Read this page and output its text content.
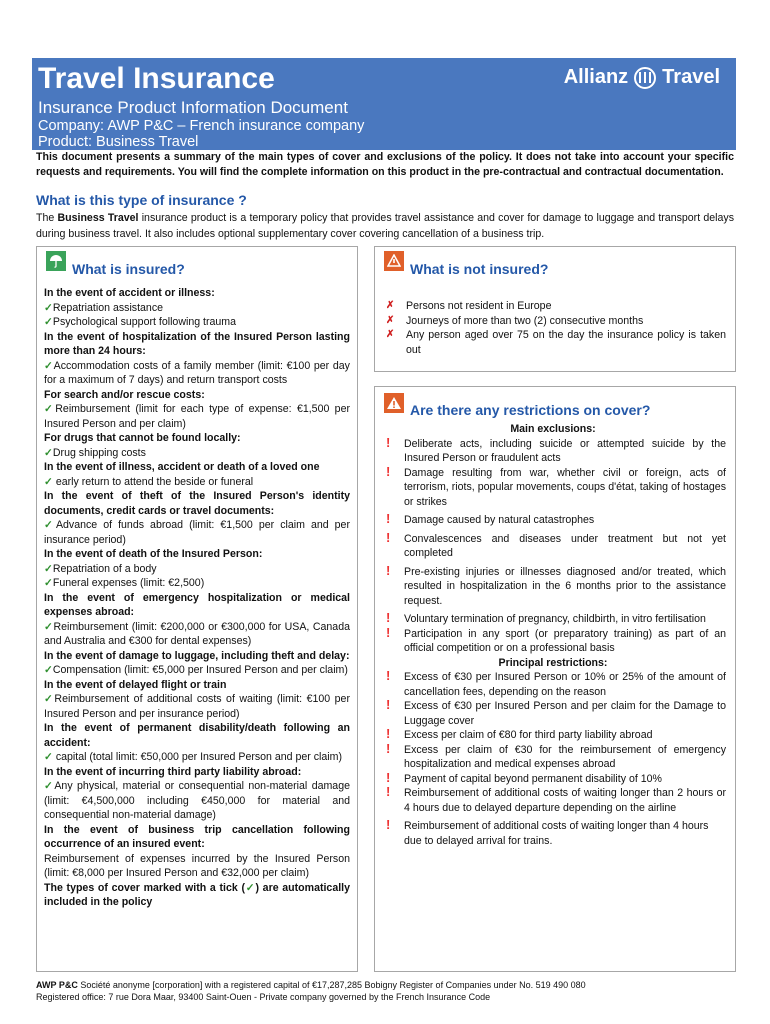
Travel Insurance
Insurance Product Information Document
Company: AWP P&C – French insurance company
Product: Business Travel
Allianz Travel
This document presents a summary of the main types of cover and exclusions of the policy. It does not take into account your specific requests and requirements. You will find the complete information on this product in the pre-contractual and contractual documentation.
What is this type of insurance ?
The Business Travel insurance product is a temporary policy that provides travel assistance and cover for damage to luggage and transport delays during business travel. It also includes optional supplementary cover covering cancellation of a business trip.
What is insured?
In the event of accident or illness:
✓Repatriation assistance
✓Psychological support following trauma
In the event of hospitalization of the Insured Person lasting more than 24 hours:
✓Accommodation costs of a family member (limit: €100 per day for a maximum of 7 days) and return transport costs
For search and/or rescue costs:
✓Reimbursement (limit for each type of expense: €1,500 per Insured Person and per claim)
For drugs that cannot be found locally:
✓Drug shipping costs
In the event of illness, accident or death of a loved one
✓ early return to attend the beside or funeral
In the event of theft of the Insured Person's identity documents, credit cards or travel documents:
✓Advance of funds abroad (limit: €1,500 per claim and per insurance period)
In the event of death of the Insured Person:
✓Repatriation of a body
✓Funeral expenses (limit: €2,500)
In the event of emergency hospitalization or medical expenses abroad:
✓Reimbursement (limit: €200,000 or €300,000 for USA, Canada and Australia and €300 for dental expenses)
In the event of damage to luggage, including theft and delay:
✓Compensation (limit: €5,000 per Insured Person and per claim)
In the event of delayed flight or train
✓Reimbursement of additional costs of waiting (limit: €100 per Insured Person and per insurance period)
In the event of permanent disability/death following an accident:
✓ capital (total limit: €50,000 per Insured Person and per claim)
In the event of incurring third party liability abroad:
✓Any physical, material or consequential non-material damage (limit: €4,500,000 including €450,000 for material and consequential non-material damage)
In the event of business trip cancellation following occurrence of an insured event:
Reimbursement of expenses incurred by the Insured Person (limit: €8,000 per Insured Person and €32,000 per claim)
The types of cover marked with a tick (✓) are automatically included in the policy
What is not insured?
✗ Persons not resident in Europe
✗ Journeys of more than two (2) consecutive months
✗ Any person aged over 75 on the day the insurance policy is taken out
Are there any restrictions on cover?
Main exclusions:
! Deliberate acts, including suicide or attempted suicide by the Insured Person or fraudulent acts
! Damage resulting from war, whether civil or foreign, acts of terrorism, riots, popular movements, coups d'état, taking of hostages or strikes
! Damage caused by natural catastrophes
! Convalescences and diseases under treatment but not yet completed
! Pre-existing injuries or illnesses diagnosed and/or treated, which resulted in hospitalization in the 6 months prior to the assistance request.
! Voluntary termination of pregnancy, childbirth, in vitro fertilisation
! Participation in any sport (or preparatory training) as part of an official competition or on a professional basis
Principal restrictions:
! Excess of €30 per Insured Person or 10% or 25% of the amount of cancellation fees, depending on the reason
! Excess of €30 per Insured Person and per claim for the Damage to Luggage cover
! Excess per claim of €80 for third party liability abroad
! Excess per claim of €30 for the reimbursement of emergency hospitalization and medical expenses abroad
! Payment of capital beyond permanent disability of 10%
! Reimbursement of additional costs of waiting longer than 2 hours or 4 hours due to delayed departure depending on the airline
! Reimbursement of additional costs of waiting longer than 4 hours due to delayed arrival for trains.
AWP P&C Société anonyme [corporation] with a registered capital of €17,287,285 Bobigny Register of Companies under No. 519 490 080
Registered office: 7 rue Dora Maar, 93400 Saint-Ouen - Private company governed by the French Insurance Code
